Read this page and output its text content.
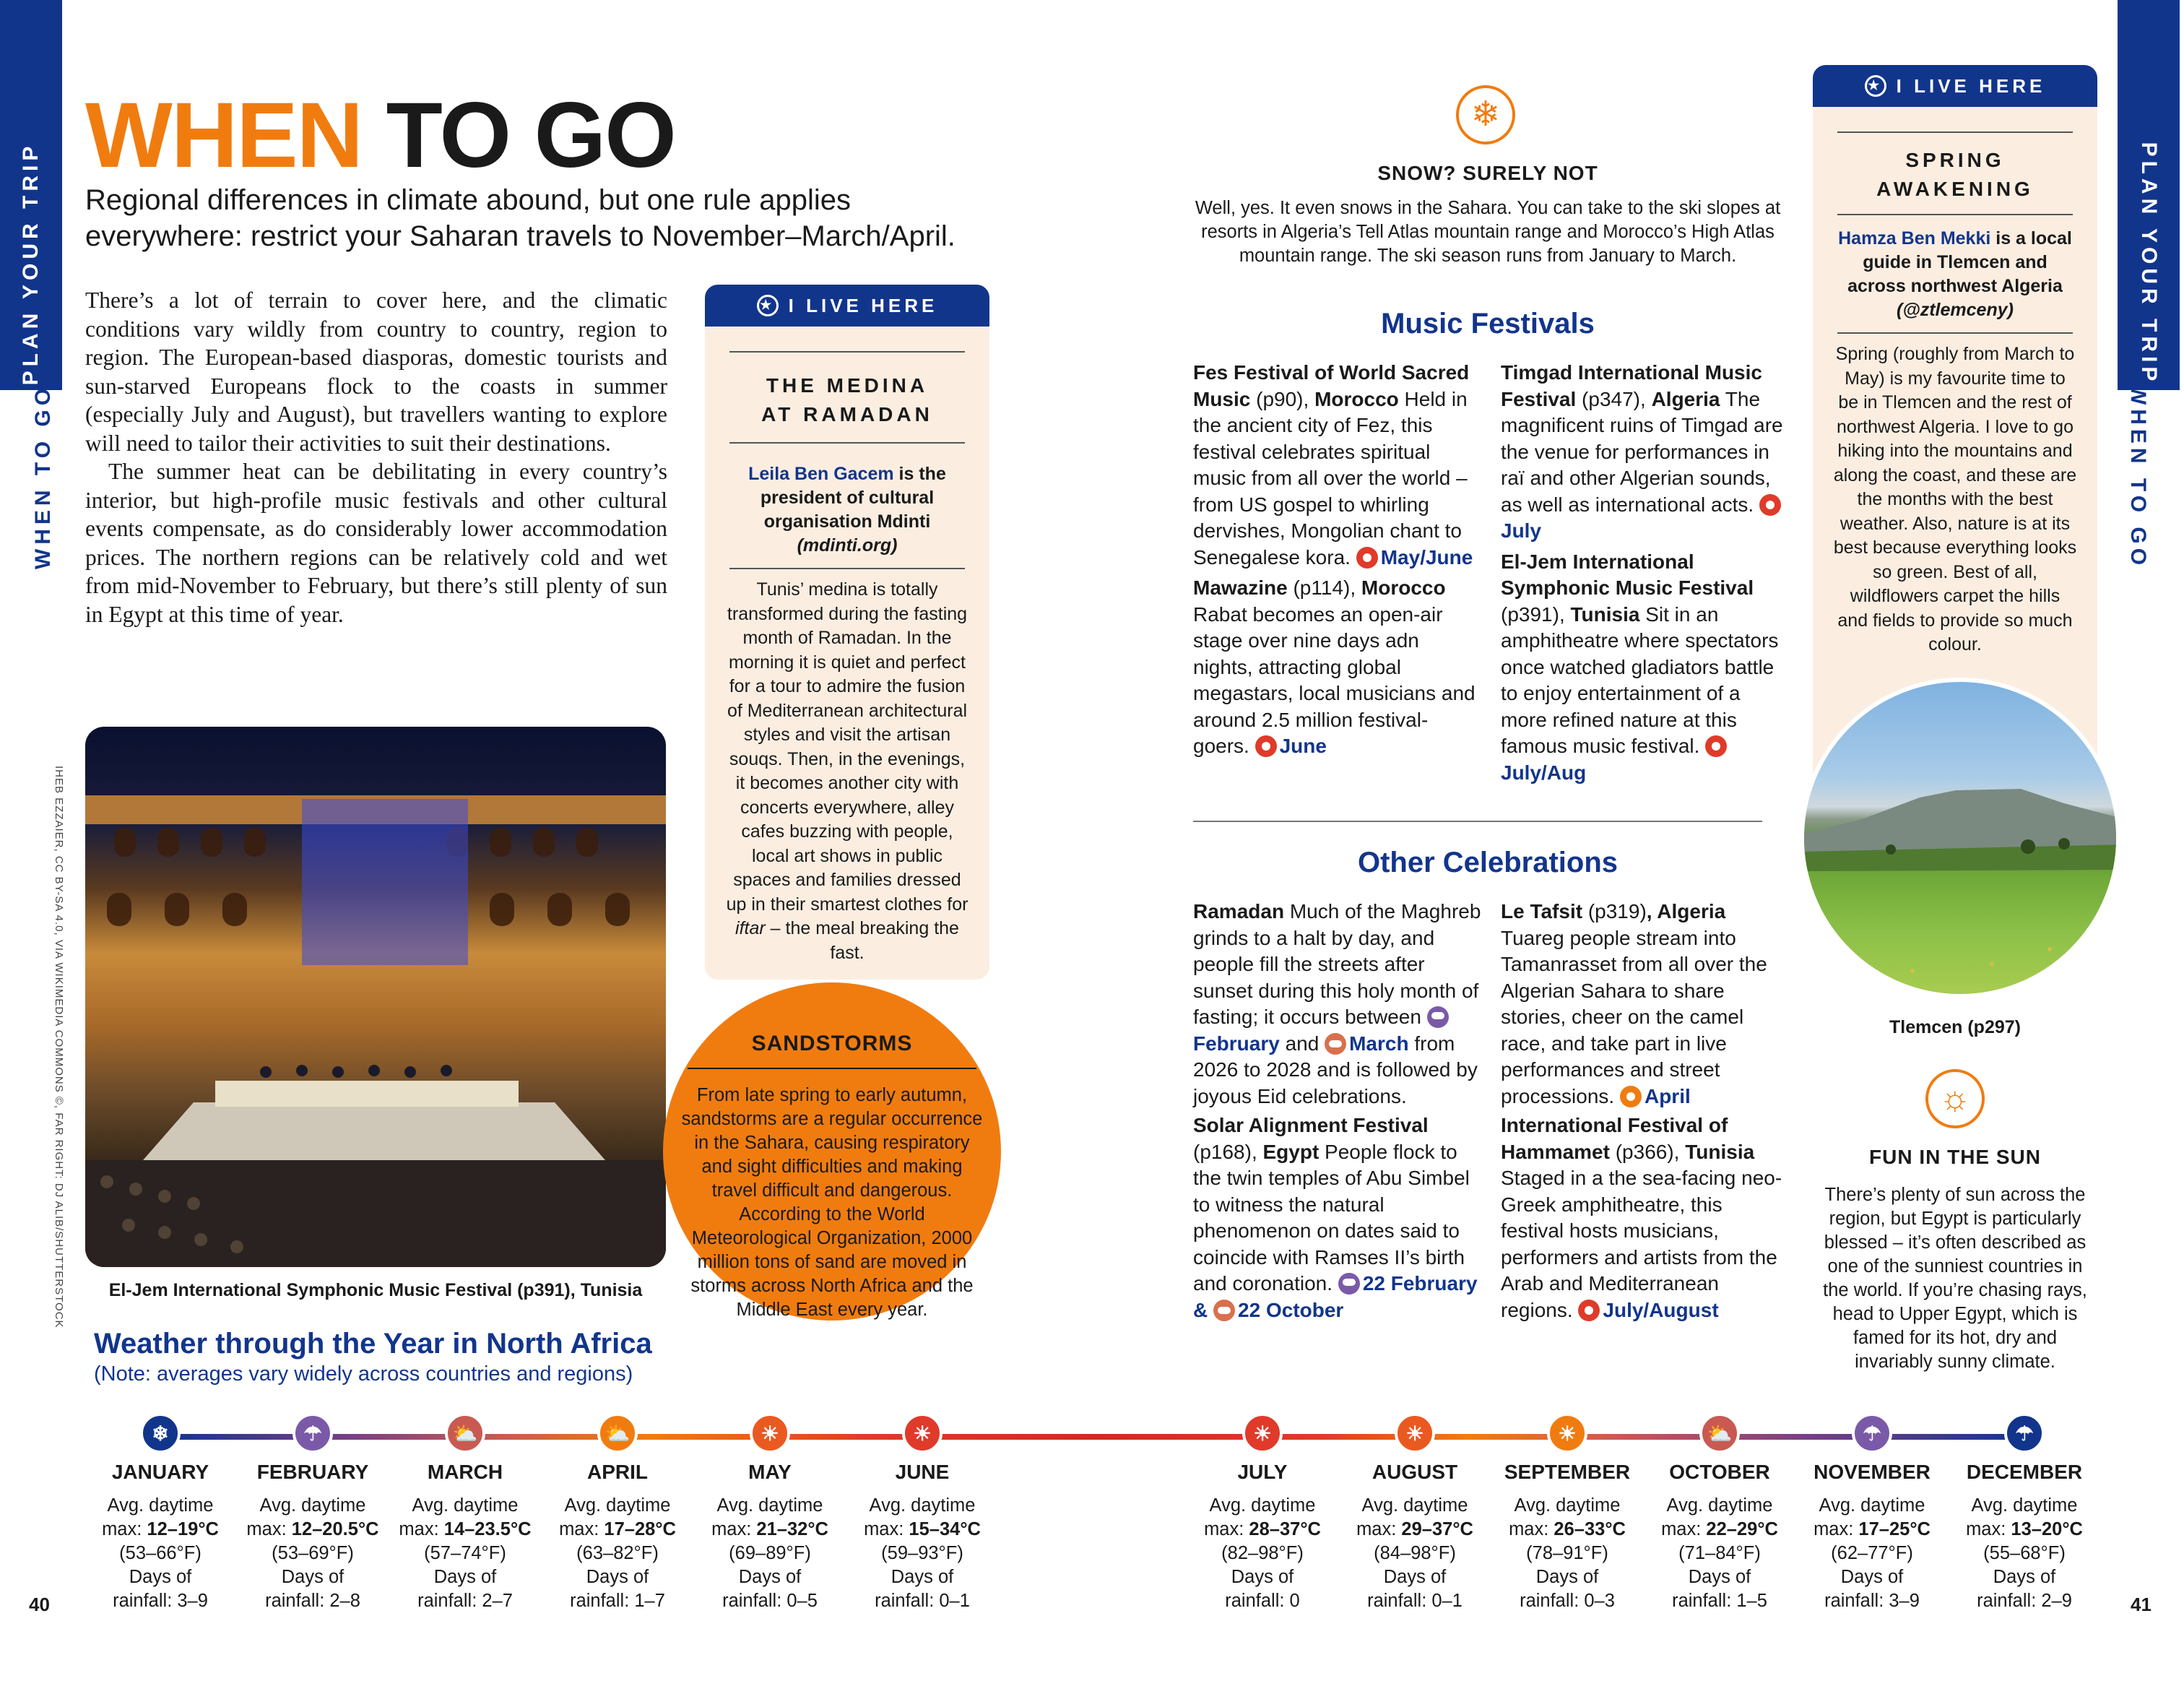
PLAN YOUR TRIP
WHEN TO GO
PLAN YOUR TRIP
WHEN TO GO
WHEN TO GO
Regional differences in climate abound, but one rule applies everywhere: restrict your Saharan travels to November–March/April.

There’s a lot of terrain to cover here, and the climatic conditions vary wildly from country to country, region to region. The European-based diasporas, domestic tourists and sun-starved Europeans flock to the coasts in summer (especially July and August), but travellers wanting to explore will need to tailor their activities to suit their destinations.

The summer heat can be debilitating in every country’s interior, but high-profile music festivals and other cultural events compensate, as do considerably lower accommodation prices. The northern regions can be relatively cold and wet from mid-November to February, but there’s still plenty of sun in Egypt at this time of year.

IHEB EZZAIER, CC BY-SA 4.0, VIA WIKIMEDIA COMMONS ©, FAR RIGHT: DJ ALIB/SHUTTERSTOCK	El-Jem International Symphonic Music Festival (p391), Tunisia
★ I LIVE HERE
THE MEDINA
AT RAMADAN
Leila Ben Gacem is the president of cultural organisation Mdinti (mdinti.org)
Tunis’ medina is totally transformed during the fasting month of Ramadan. In the morning it is quiet and perfect for a tour to admire the fusion of Mediterranean architectural styles and visit the artisan souqs. Then, in the evenings, it becomes another city with concerts everywhere, alley cafes buzzing with people, local art shows in public spaces and families dressed up in their smartest clothes for iftar – the meal breaking the fast.
SANDSTORMS
From late spring to early autumn, sandstorms are a regular occurrence in the Sahara, causing respiratory and sight difficulties and making travel difficult and dangerous. According to the World Meteorological Organization, 2000 million tons of sand are moved in storms across North Africa and the Middle East every year.
Weather through the Year in North Africa
(Note: averages vary widely across countries and regions)
❄
SNOW? SURELY NOT
Well, yes. It even snows in the Sahara. You can take to the ski slopes at resorts in Algeria’s Tell Atlas mountain range and Morocco’s High Atlas mountain range. The ski season runs from January to March.
Music Festivals
Fes Festival of World Sacred Music (p90), Morocco Held in the ancient city of Fez, this festival celebrates spiritual music from all over the world – from US gospel to whirling dervishes, Mongolian chant to Senegalese kora. May/June
Mawazine (p114), Morocco Rabat becomes an open-air stage over nine days adn nights, attracting global megastars, local musicians and around 2.5 million festival-goers. June
Timgad International Music Festival (p347), Algeria The magnificent ruins of Timgad are the venue for performances in raï and other Algerian sounds, as well as international acts. July
El-Jem International Symphonic Music Festival (p391), Tunisia Sit in an amphitheatre where spectators once watched gladiators battle to enjoy entertainment of a more refined nature at this famous music festival. July/Aug
Other Celebrations
Ramadan Much of the Maghreb grinds to a halt by day, and people fill the streets after sunset during this holy month of fasting; it occurs between February and March from 2026 to 2028 and is followed by joyous Eid celebrations.
Solar Alignment Festival (p168), Egypt People flock to the twin temples of Abu Simbel to witness the natural phenomenon on dates said to coincide with Ramses II’s birth and coronation. 22 February & 22 October
Le Tafsit (p319), Algeria Tuareg people stream into Tamanrasset from all over the Algerian Sahara to share stories, cheer on the camel race, and take part in live performances and street processions. April
International Festival of Hammamet (p366), Tunisia Staged in a the sea-facing neo-Greek amphitheatre, this festival hosts musicians, performers and artists from the Arab and Mediterranean regions. July/August
★ I LIVE HERE
SPRING
AWAKENING
Hamza Ben Mekki is a local guide in Tlemcen and across northwest Algeria (@ztlemceny)
Spring (roughly from March to May) is my favourite time to be in Tlemcen and the rest of northwest Algeria. I love to go hiking into the mountains and along the coast, and these are the months with the best weather. Also, nature is at its best because everything looks so green. Best of all, wildflowers carpet the hills and fields to provide so much colour.
Tlemcen (p297)
☼
FUN IN THE SUN
There’s plenty of sun across the region, but Egypt is particularly blessed – it’s often described as one of the sunniest countries in the world. If you’re chasing rays, head to Upper Egypt, which is famed for its hot, dry and invariably sunny climate.
❄
JANUARY
Avg. daytime
max: 12–19°C
(53–66°F)
Days of
rainfall: 3–9
☂
FEBRUARY
Avg. daytime
max: 12–20.5°C
(53–69°F)
Days of
rainfall: 2–8
⛅
MARCH
Avg. daytime
max: 14–23.5°C
(57–74°F)
Days of
rainfall: 2–7
⛅
APRIL
Avg. daytime
max: 17–28°C
(63–82°F)
Days of
rainfall: 1–7
☀
MAY
Avg. daytime
max: 21–32°C
(69–89°F)
Days of
rainfall: 0–5
☀
JUNE
Avg. daytime
max: 15–34°C
(59–93°F)
Days of
rainfall: 0–1
☀
JULY
Avg. daytime
max: 28–37°C
(82–98°F)
Days of
rainfall: 0
☀
AUGUST
Avg. daytime
max: 29–37°C
(84–98°F)
Days of
rainfall: 0–1
☀
SEPTEMBER
Avg. daytime
max: 26–33°C
(78–91°F)
Days of
rainfall: 0–3
⛅
OCTOBER
Avg. daytime
max: 22–29°C
(71–84°F)
Days of
rainfall: 1–5
☂
NOVEMBER
Avg. daytime
max: 17–25°C
(62–77°F)
Days of
rainfall: 3–9
☂
DECEMBER
Avg. daytime
max: 13–20°C
(55–68°F)
Days of
rainfall: 2–9
40	41
